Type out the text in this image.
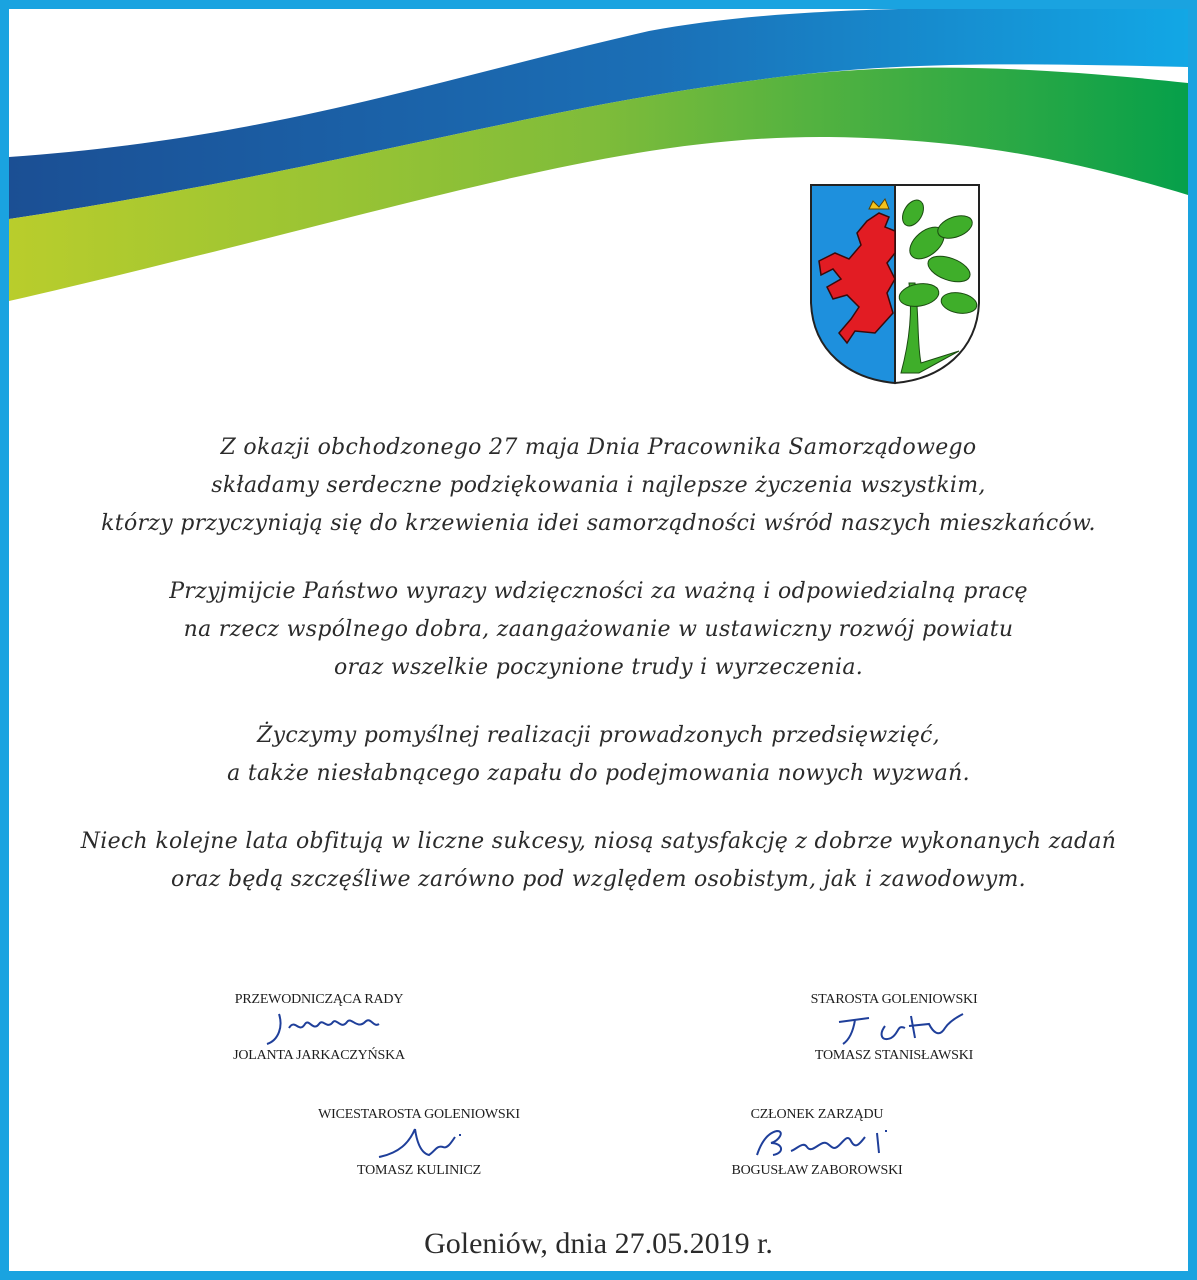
Z okazji obchodzonego 27 maja Dnia Pracownika Samorządowego
składamy serdeczne podziękowania i najlepsze życzenia wszystkim,
którzy przyczyniają się do krzewienia idei samorządności wśród naszych mieszkańców.

Przyjmijcie Państwo wyrazy wdzięczności za ważną i odpowiedzialną pracę
na rzecz wspólnego dobra, zaangażowanie w ustawiczny rozwój powiatu
oraz wszelkie poczynione trudy i wyrzeczenia.

Życzymy pomyślnej realizacji prowadzonych przedsięwzięć,
a także niesłabnącego zapału do podejmowania nowych wyzwań.

Niech kolejne lata obfitują w liczne sukcesy, niosą satysfakcję z dobrze wykonanych zadań
oraz będą szczęśliwe zarówno pod względem osobistym, jak i zawodowym.

PRZEWODNICZĄCA RADY
JOLANTA JARKACZYŃSKA
STAROSTA GOLENIOWSKI
TOMASZ STANISŁAWSKI
WICESTAROSTA GOLENIOWSKI
TOMASZ KULINICZ
CZŁONEK ZARZĄDU
BOGUSŁAW ZABOROWSKI
Goleniów, dnia 27.05.2019 r.
